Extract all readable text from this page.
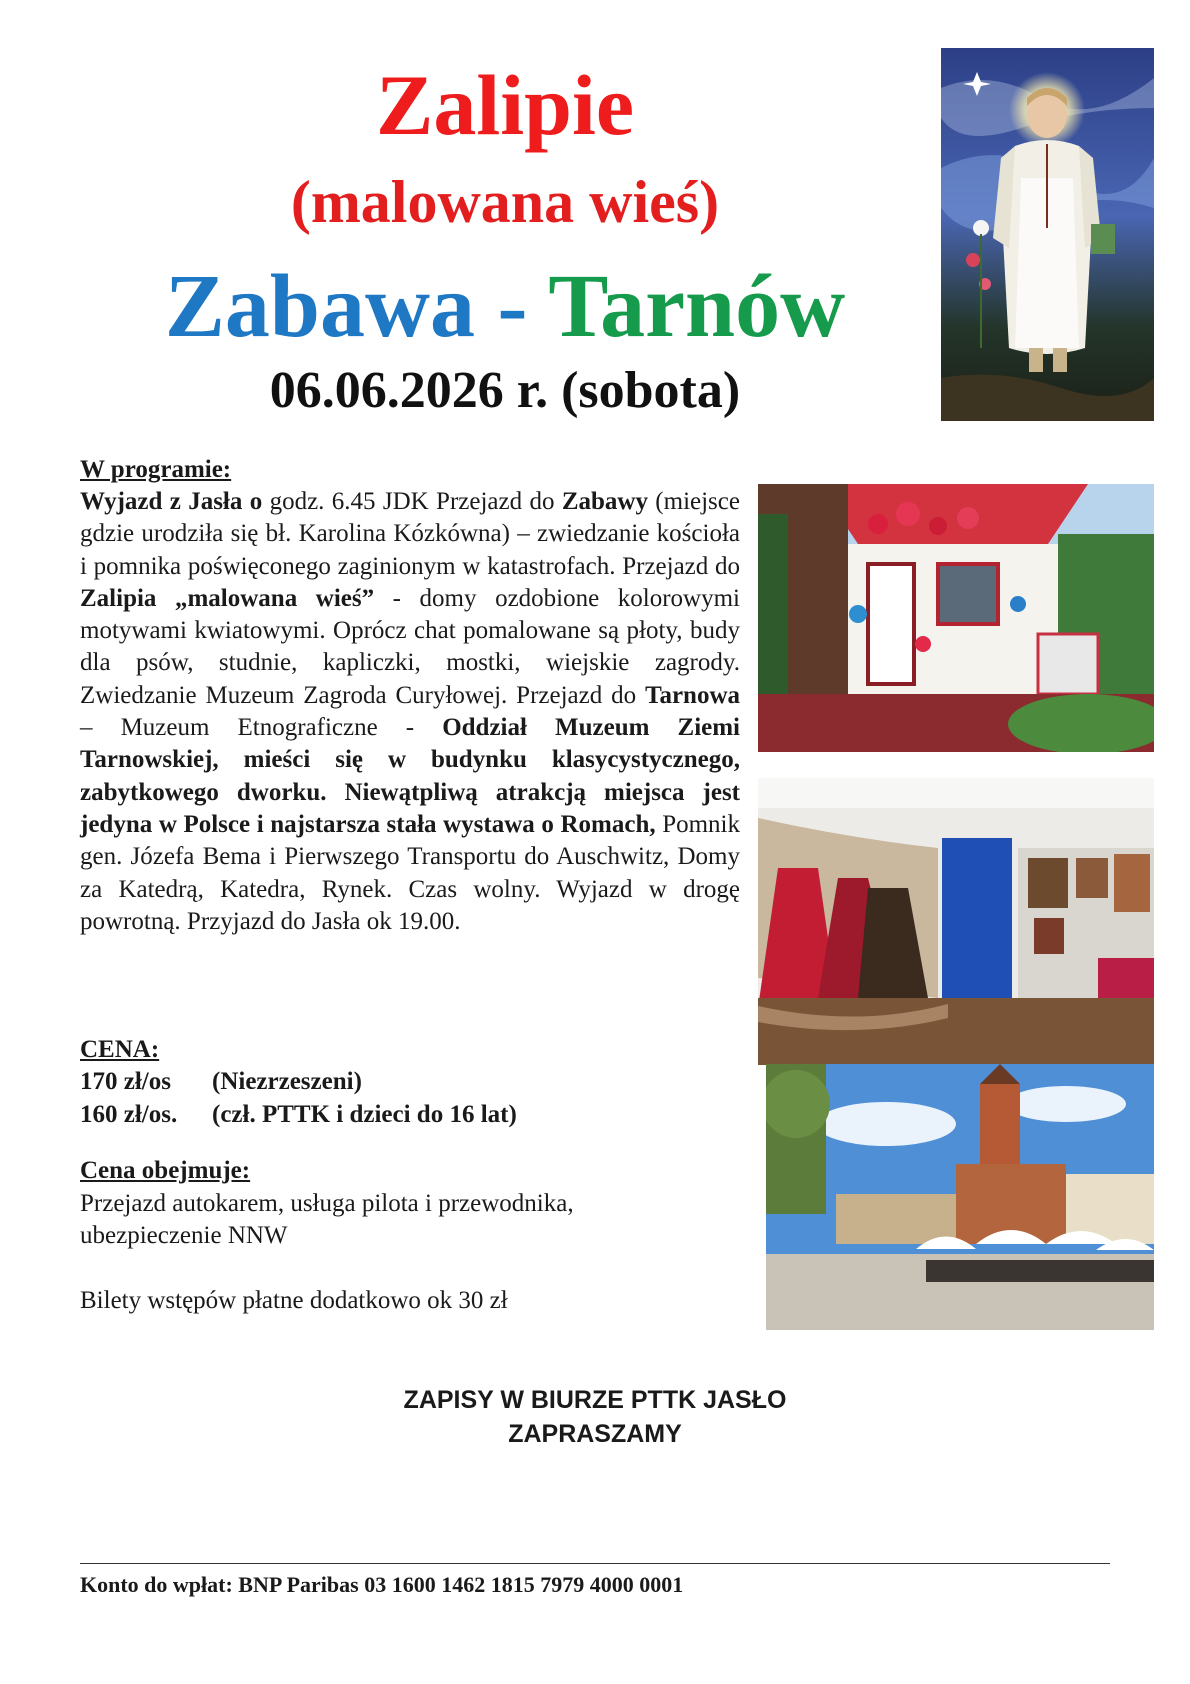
Zalipie
(malowana wieś)
Zabawa - Tarnów
06.06.2026 r. (sobota)
W programie:
Wyjazd z Jasła o godz. 6.45 JDK Przejazd do Zabawy (miejsce gdzie urodziła się bł. Karolina Kózkówna) – zwiedzanie kościoła i pomnika poświęconego zaginionym w katastrofach. Przejazd do Zalipia „malowana wieś” - domy ozdobione kolorowymi motywami kwiatowymi. Oprócz chat pomalowane są płoty, budy dla psów, studnie, kapliczki, mostki, wiejskie zagrody. Zwiedzanie Muzeum Zagroda Curyłowej. Przejazd do Tarnowa – Muzeum Etnograficzne - Oddział Muzeum Ziemi Tarnowskiej, mieści się w budynku klasycystycznego, zabytkowego dworku. Niewątpliwą atrakcją miejsca jest jedyna w Polsce i najstarsza stała wystawa o Romach, Pomnik gen. Józefa Bema i Pierwszego Transportu do Auschwitz, Domy za Katedrą, Katedra, Rynek. Czas wolny. Wyjazd w drogę powrotną. Przyjazd do Jasła ok 19.00.
CENA:
170 zł/os (Niezrzeszeni)
160 zł/os. (czł. PTTK i dzieci do 16 lat)
Cena obejmuje:
Przejazd autokarem, usługa pilota i przewodnika, ubezpieczenie NNW
Bilety wstępów płatne dodatkowo ok 30 zł
ZAPISY W BIURZE PTTK JASŁO
ZAPRASZAMY
Konto do wpłat: BNP Paribas 03 1600 1462 1815 7979 4000 0001
